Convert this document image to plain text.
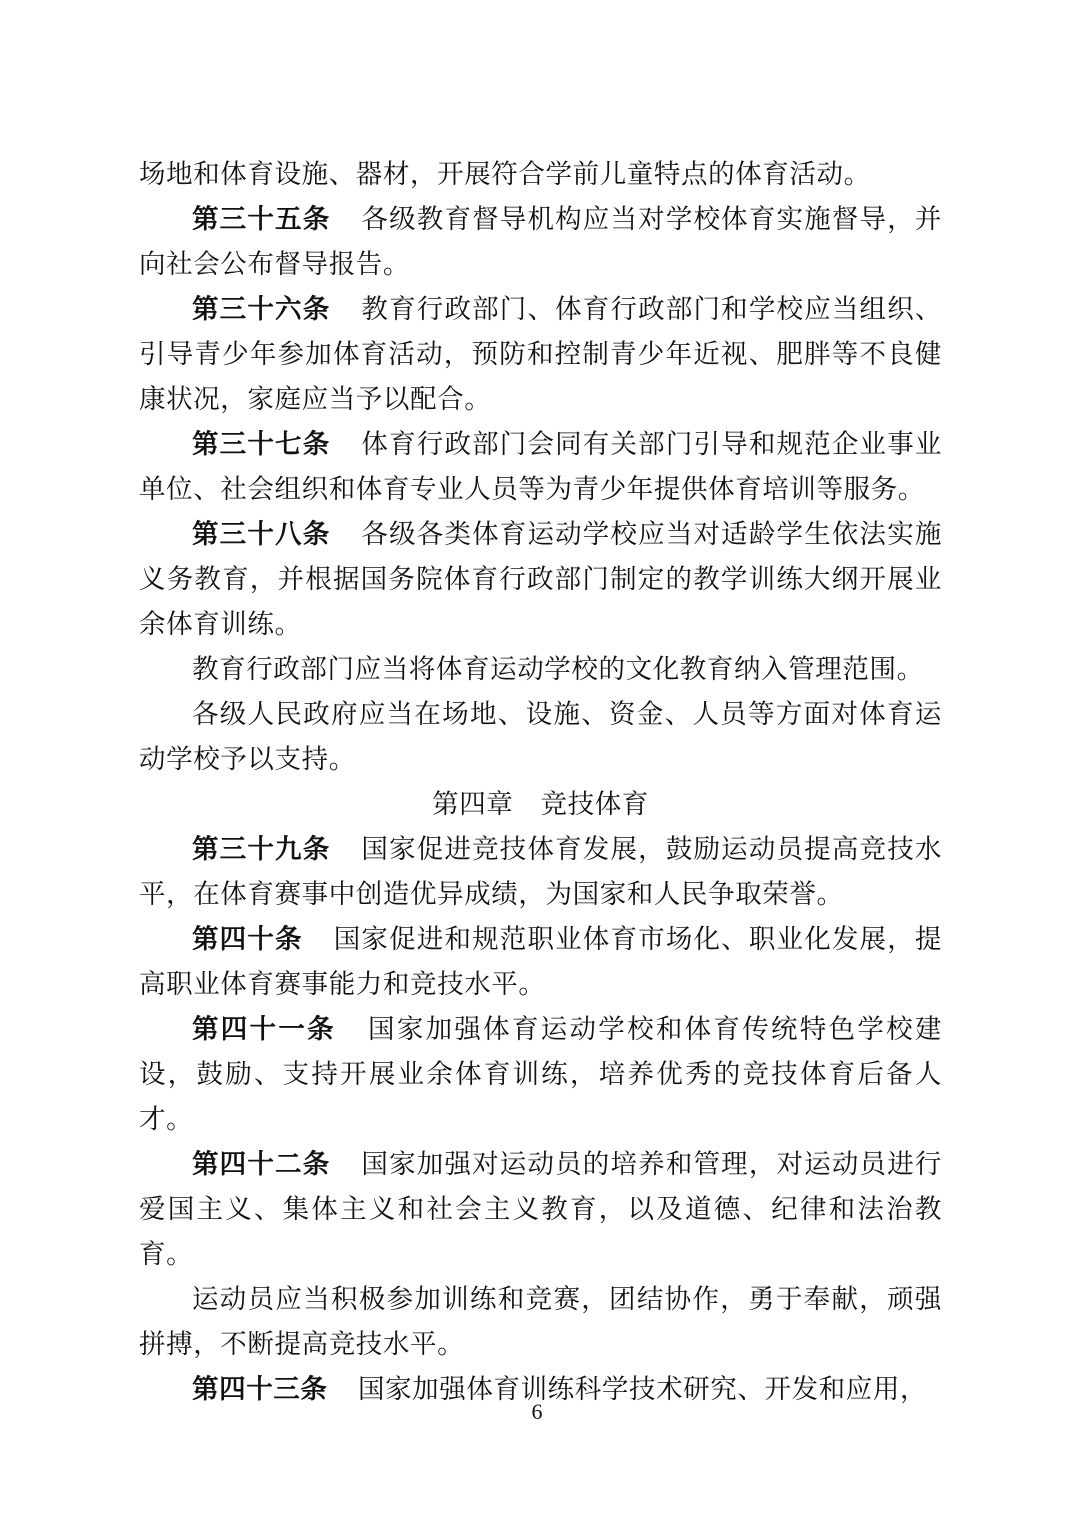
场地和体育设施、器材，开展符合学前儿童特点的体育活动。

第三十五条 各级教育督导机构应当对学校体育实施督导，并向社会公布督导报告。

第三十六条 教育行政部门、体育行政部门和学校应当组织、引导青少年参加体育活动，预防和控制青少年近视、肥胖等不良健康状况，家庭应当予以配合。

第三十七条 体育行政部门会同有关部门引导和规范企业事业单位、社会组织和体育专业人员等为青少年提供体育培训等服务。

第三十八条 各级各类体育运动学校应当对适龄学生依法实施义务教育，并根据国务院体育行政部门制定的教学训练大纲开展业余体育训练。

教育行政部门应当将体育运动学校的文化教育纳入管理范围。

各级人民政府应当在场地、设施、资金、人员等方面对体育运动学校予以支持。

第四章　竞技体育

第三十九条 国家促进竞技体育发展，鼓励运动员提高竞技水平，在体育赛事中创造优异成绩，为国家和人民争取荣誉。

第四十条 国家促进和规范职业体育市场化、职业化发展，提高职业体育赛事能力和竞技水平。

第四十一条 国家加强体育运动学校和体育传统特色学校建设，鼓励、支持开展业余体育训练，培养优秀的竞技体育后备人才。

第四十二条 国家加强对运动员的培养和管理，对运动员进行爱国主义、集体主义和社会主义教育，以及道德、纪律和法治教育。

运动员应当积极参加训练和竞赛，团结协作，勇于奉献，顽强拼搏，不断提高竞技水平。

第四十三条 国家加强体育训练科学技术研究、开发和应用，

6
